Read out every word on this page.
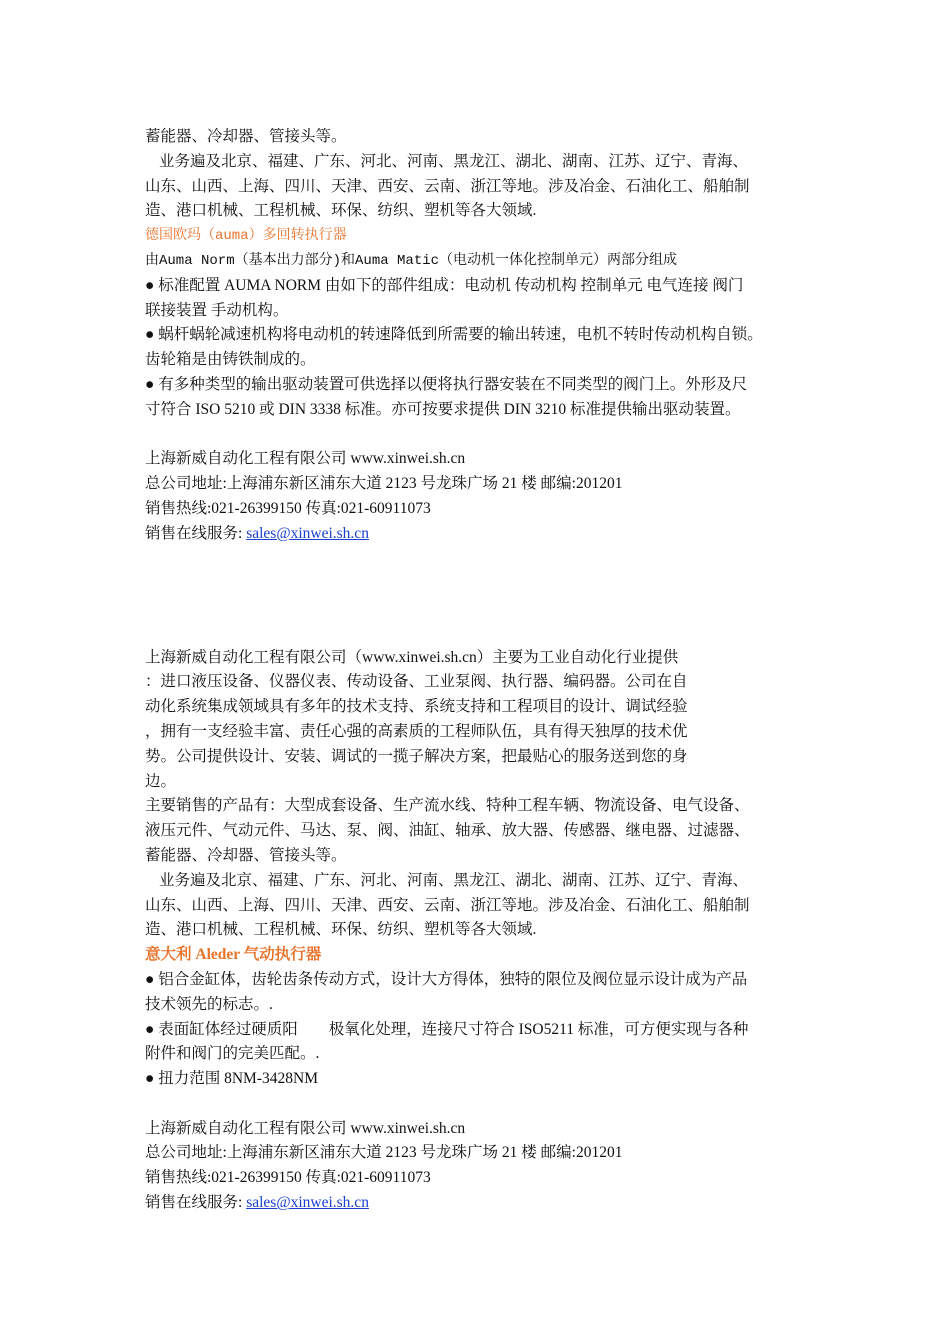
蓄能器、冷却器、管接头等。
业务遍及北京、福建、广东、河北、河南、黑龙江、湖北、湖南、江苏、辽宁、青海、
山东、山西、上海、四川、天津、西安、云南、浙江等地。涉及冶金、石油化工、船舶制
造、港口机械、工程机械、环保、纺织、塑机等各大领域.
德国欧玛（auma）多回转执行器
由Auma Norm（基本出力部分)和Auma Matic（电动机一体化控制单元）两部分组成
● 标准配置 AUMA NORM 由如下的部件组成：电动机 传动机构 控制单元 电气连接 阀门
联接装置 手动机构。
● 蜗杆蜗轮减速机构将电动机的转速降低到所需要的输出转速，电机不转时传动机构自锁。
齿轮箱是由铸铁制成的。
● 有多种类型的输出驱动装置可供选择以便将执行器安装在不同类型的阀门上。外形及尺
寸符合 ISO 5210 或 DIN 3338 标准。亦可按要求提供 DIN 3210 标准提供输出驱动装置。
上海新威自动化工程有限公司 www.xinwei.sh.cn
总公司地址:上海浦东新区浦东大道 2123 号龙珠广场 21 楼 邮编:201201
销售热线:021-26399150 传真:021-60911073
销售在线服务: sales@xinwei.sh.cn
上海新威自动化工程有限公司（www.xinwei.sh.cn）主要为工业自动化行业提供
：进口液压设备、仪器仪表、传动设备、工业泵阀、执行器、编码器。公司在自
动化系统集成领域具有多年的技术支持、系统支持和工程项目的设计、调试经验
，拥有一支经验丰富、责任心强的高素质的工程师队伍，具有得天独厚的技术优
势。公司提供设计、安装、调试的一揽子解决方案，把最贴心的服务送到您的身
边。
主要销售的产品有：大型成套设备、生产流水线、特种工程车辆、物流设备、电气设备、
液压元件、气动元件、马达、泵、阀、油缸、轴承、放大器、传感器、继电器、过滤器、
蓄能器、冷却器、管接头等。
业务遍及北京、福建、广东、河北、河南、黑龙江、湖北、湖南、江苏、辽宁、青海、
山东、山西、上海、四川、天津、西安、云南、浙江等地。涉及冶金、石油化工、船舶制
造、港口机械、工程机械、环保、纺织、塑机等各大领域.
意大利 Aleder 气动执行器
● 铝合金缸体，齿轮齿条传动方式，设计大方得体，独特的限位及阀位显示设计成为产品
技术领先的标志。.
● 表面缸体经过硬质阳        极氧化处理，连接尺寸符合 ISO5211 标准，可方便实现与各种
附件和阀门的完美匹配。.
● 扭力范围 8NM-3428NM
上海新威自动化工程有限公司 www.xinwei.sh.cn
总公司地址:上海浦东新区浦东大道 2123 号龙珠广场 21 楼 邮编:201201
销售热线:021-26399150 传真:021-60911073
销售在线服务: sales@xinwei.sh.cn
